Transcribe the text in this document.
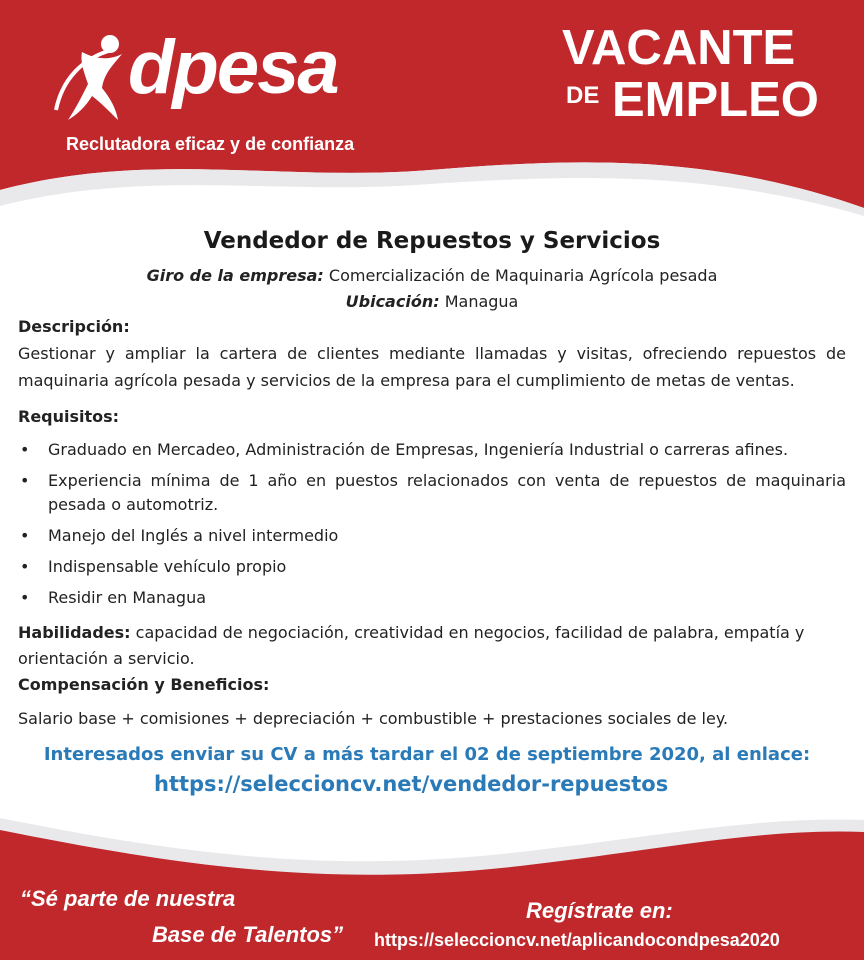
dpesa
Reclutadora eficaz y de confianza
VACANTE
DE EMPLEO
Vendedor de Repuestos y Servicios
Giro de la empresa: Comercialización de Maquinaria Agrícola pesada
Ubicación: Managua
Descripción:
Gestionar y ampliar la cartera de clientes mediante llamadas y visitas, ofreciendo repuestos de maquinaria agrícola pesada y servicios de la empresa para el cumplimiento de metas de ventas.
Requisitos:
• Graduado en Mercadeo, Administración de Empresas, Ingeniería Industrial o carreras afines.
• Experiencia mínima de 1 año en puestos relacionados con venta de repuestos de maquinaria pesada o automotriz.
• Manejo del Inglés a nivel intermedio
• Indispensable vehículo propio
• Residir en Managua
Habilidades: capacidad de negociación, creatividad en negocios, facilidad de palabra, empatía y orientación a servicio.
Compensación y Beneficios:
Salario base + comisiones + depreciación + combustible + prestaciones sociales de ley.
Interesados enviar su CV a más tardar el 02 de septiembre 2020, al enlace:
https://seleccioncv.net/vendedor-repuestos
“Sé parte de nuestra
Base de Talentos”
Regístrate en:
https://seleccioncv.net/aplicandocondpesa2020
